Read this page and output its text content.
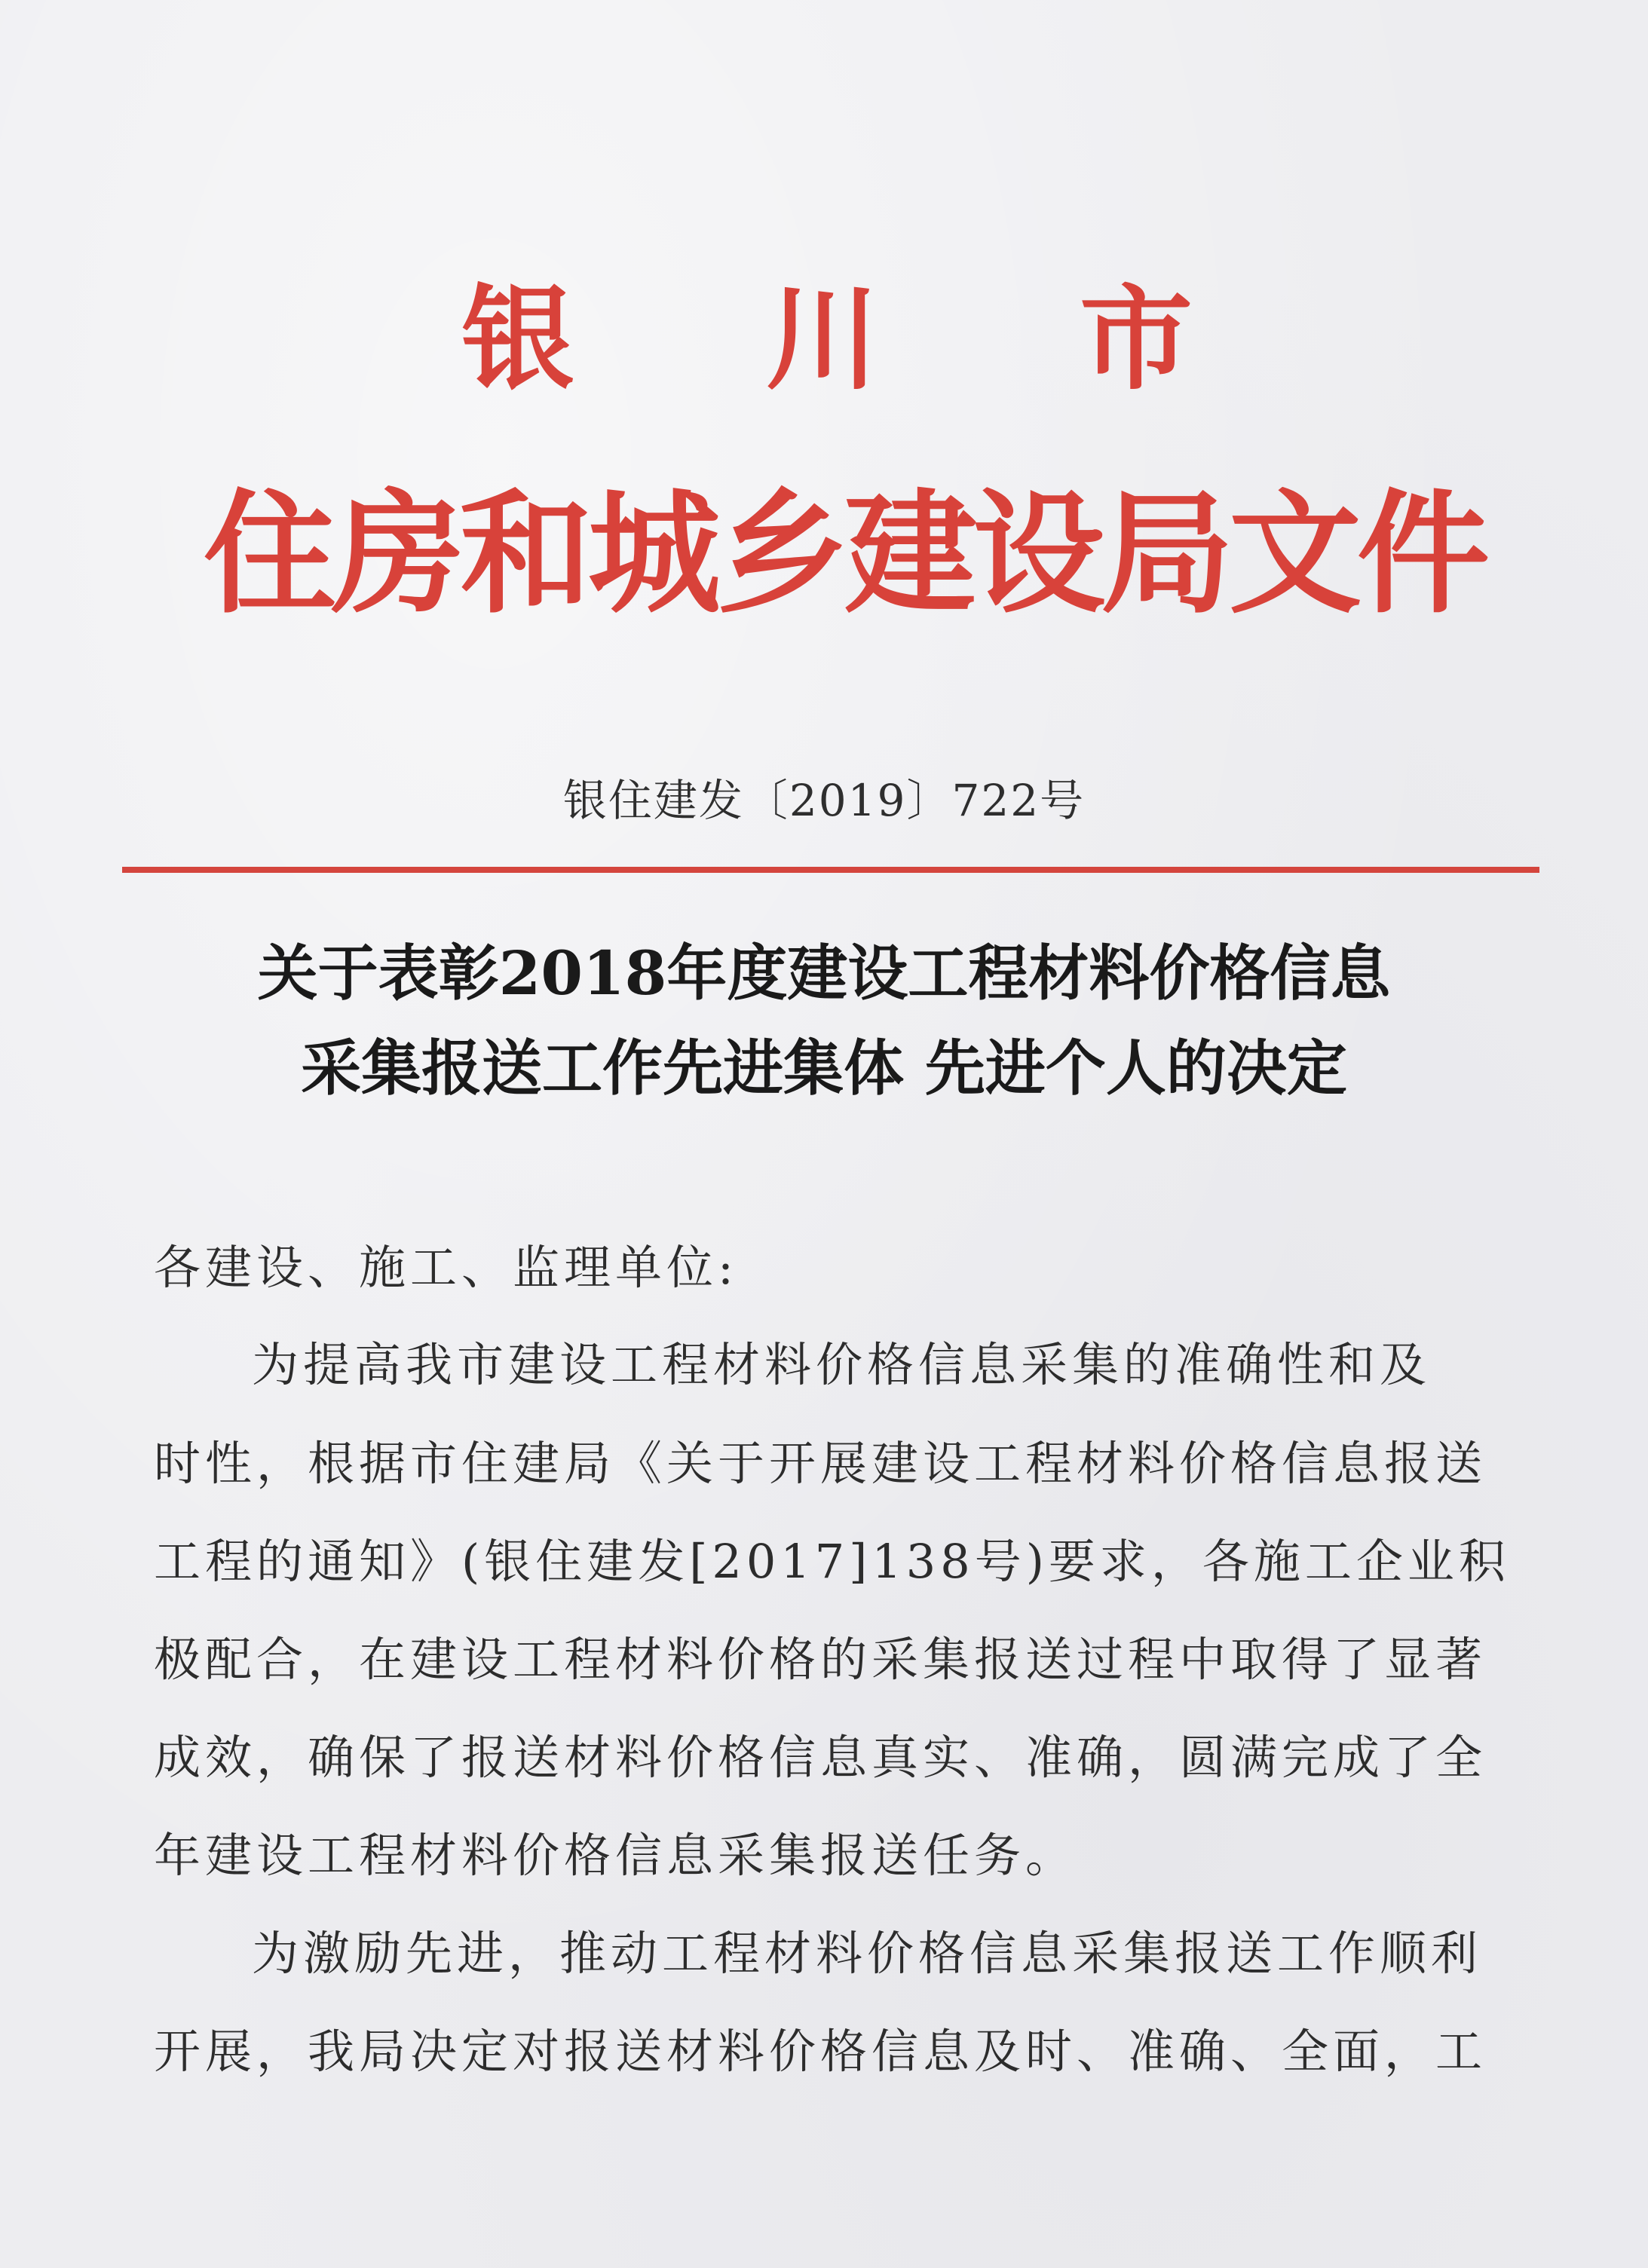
银 川 市
住房和城乡建设局文件
银住建发〔2019〕722号
关于表彰2018年度建设工程材料价格信息
采集报送工作先进集体 先进个人的决定
各建设、施工、监理单位:
为提高我市建设工程材料价格信息采集的准确性和及
时性，根据市住建局《关于开展建设工程材料价格信息报送
工程的通知》(银住建发[2017]138号)要求，各施工企业积
极配合，在建设工程材料价格的采集报送过程中取得了显著
成效，确保了报送材料价格信息真实、准确，圆满完成了全
年建设工程材料价格信息采集报送任务。
为激励先进，推动工程材料价格信息采集报送工作顺利
开展，我局决定对报送材料价格信息及时、准确、全面，工
